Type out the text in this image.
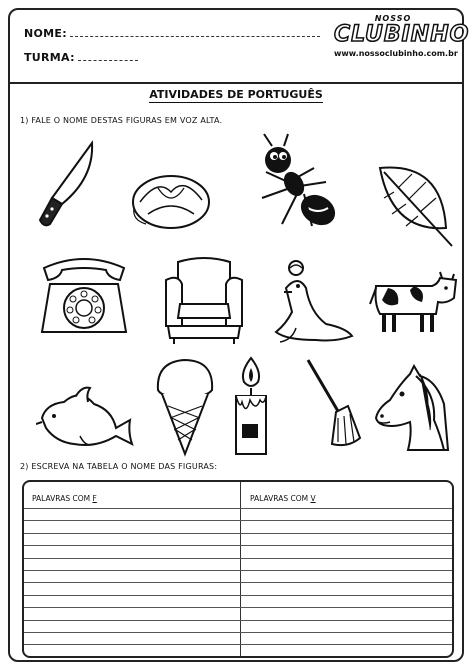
NOME:
TURMA:
NOSSO
CLUBINHO
www.nossoclubinho.com.br
ATIVIDADES DE PORTUGUÊS
1) FALE O NOME DESTAS FIGURAS EM VOZ ALTA.
2) ESCREVA NA TABELA O NOME DAS FIGURAS:
PALAVRAS COM F	PALAVRAS COM V
